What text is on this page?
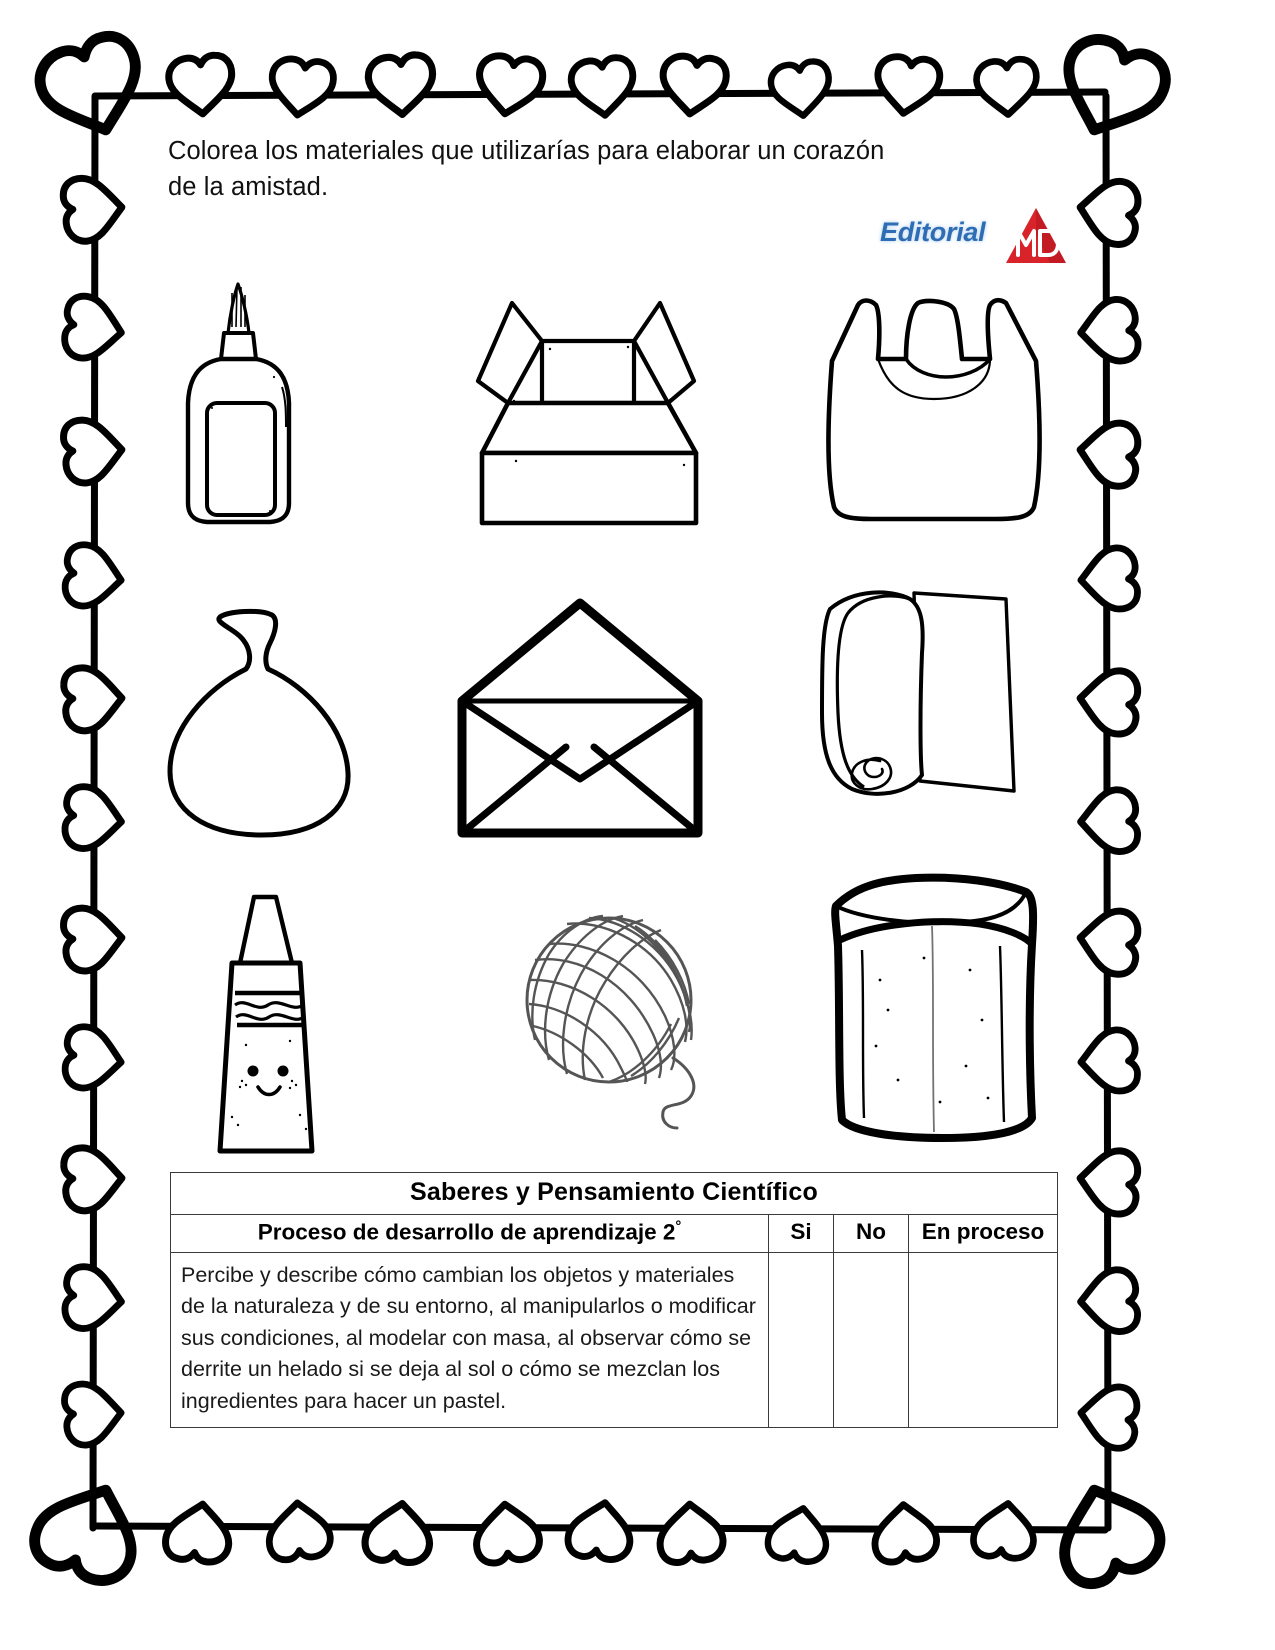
Colorea los materiales que utilizarías para elaborar un corazón
de la amistad.
Editorial
Saberes y Pensamiento Científico			
Proceso de desarrollo de aprendizaje 2°	Si	No	En proceso
Percibe y describe cómo cambian los objetos y materiales de la naturaleza y de su entorno, al manipularlos o modificar sus condiciones, al modelar con masa, al observar cómo se derrite un helado si se deja al sol o cómo se mezclan los ingredientes para hacer un pastel.			
